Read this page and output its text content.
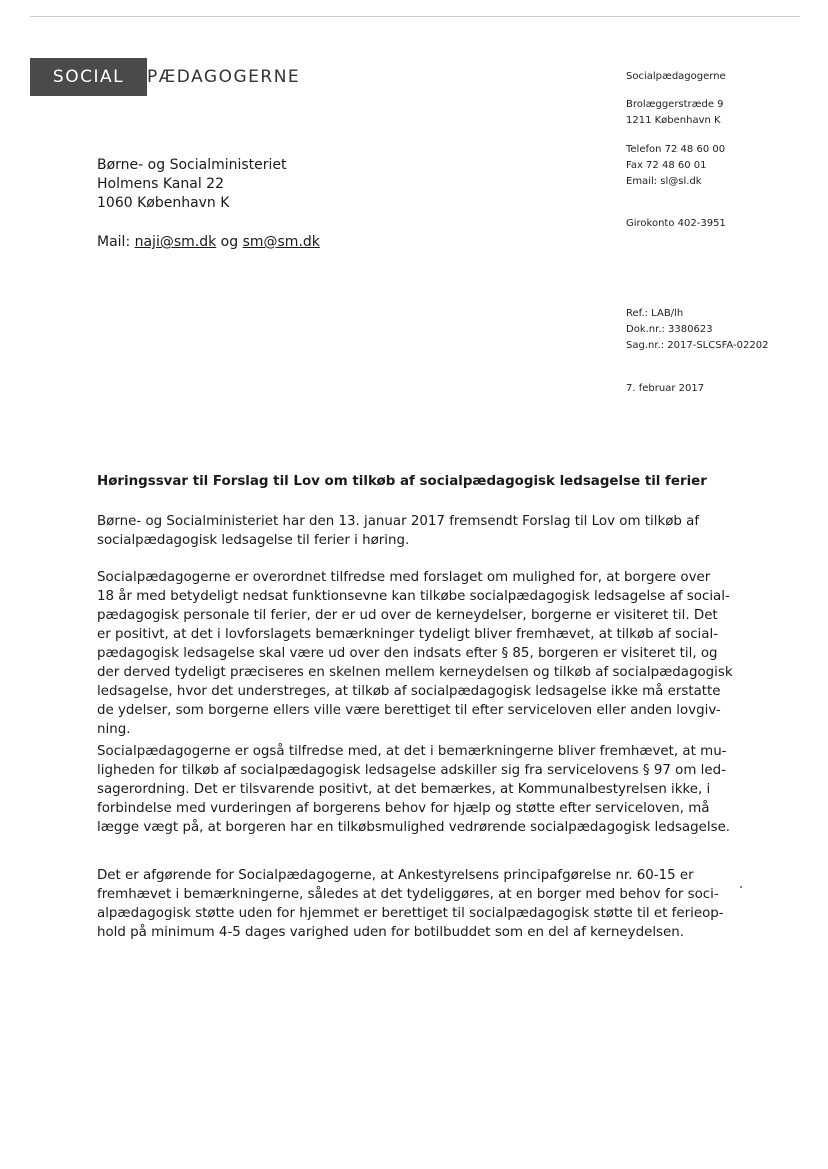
SOCIAL	PÆDAGOGERNE	Socialpædagogerne
Brolæggerstræde 9
1211 København K
Telefon 72 48 60 00
Fax 72 48 60 01
Email: sl@sl.dk
Girokonto 402-3951
Ref.: LAB/lh
Dok.nr.: 3380623
Sag.nr.: 2017-SLCSFA-02202
7. februar 2017
Børne- og Socialministeriet
Holmens Kanal 22
1060 København K
Mail: naji@sm.dk og sm@sm.dk
Høringssvar til Forslag til Lov om tilkøb af socialpædagogisk ledsagelse til ferier
Børne- og Socialministeriet har den 13. januar 2017 fremsendt Forslag til Lov om tilkøb af
socialpædagogisk ledsagelse til ferier i høring.
Socialpædagogerne er overordnet tilfredse med forslaget om mulighed for, at borgere over
18 år med betydeligt nedsat funktionsevne kan tilkøbe socialpædagogisk ledsagelse af social-
pædagogisk personale til ferier, der er ud over de kerneydelser, borgerne er visiteret til. Det
er positivt, at det i lovforslagets bemærkninger tydeligt bliver fremhævet, at tilkøb af social-
pædagogisk ledsagelse skal være ud over den indsats efter § 85, borgeren er visiteret til, og
der derved tydeligt præciseres en skelnen mellem kerneydelsen og tilkøb af socialpædagogisk
ledsagelse, hvor det understreges, at tilkøb af socialpædagogisk ledsagelse ikke må erstatte
de ydelser, som borgerne ellers ville være berettiget til efter serviceloven eller anden lovgiv-
ning.
Socialpædagogerne er også tilfredse med, at det i bemærkningerne bliver fremhævet, at mu-
ligheden for tilkøb af socialpædagogisk ledsagelse adskiller sig fra servicelovens § 97 om led-
sagerordning. Det er tilsvarende positivt, at det bemærkes, at Kommunalbestyrelsen ikke, i
forbindelse med vurderingen af borgerens behov for hjælp og støtte efter serviceloven, må
lægge vægt på, at borgeren har en tilkøbsmulighed vedrørende socialpædagogisk ledsagelse.
Det er afgørende for Socialpædagogerne, at Ankestyrelsens principafgørelse nr. 60-15 er
fremhævet i bemærkningerne, således at det tydeliggøres, at en borger med behov for soci-
alpædagogisk støtte uden for hjemmet er berettiget til socialpædagogisk støtte til et ferieop-
hold på minimum 4-5 dages varighed uden for botilbuddet som en del af kerneydelsen.
